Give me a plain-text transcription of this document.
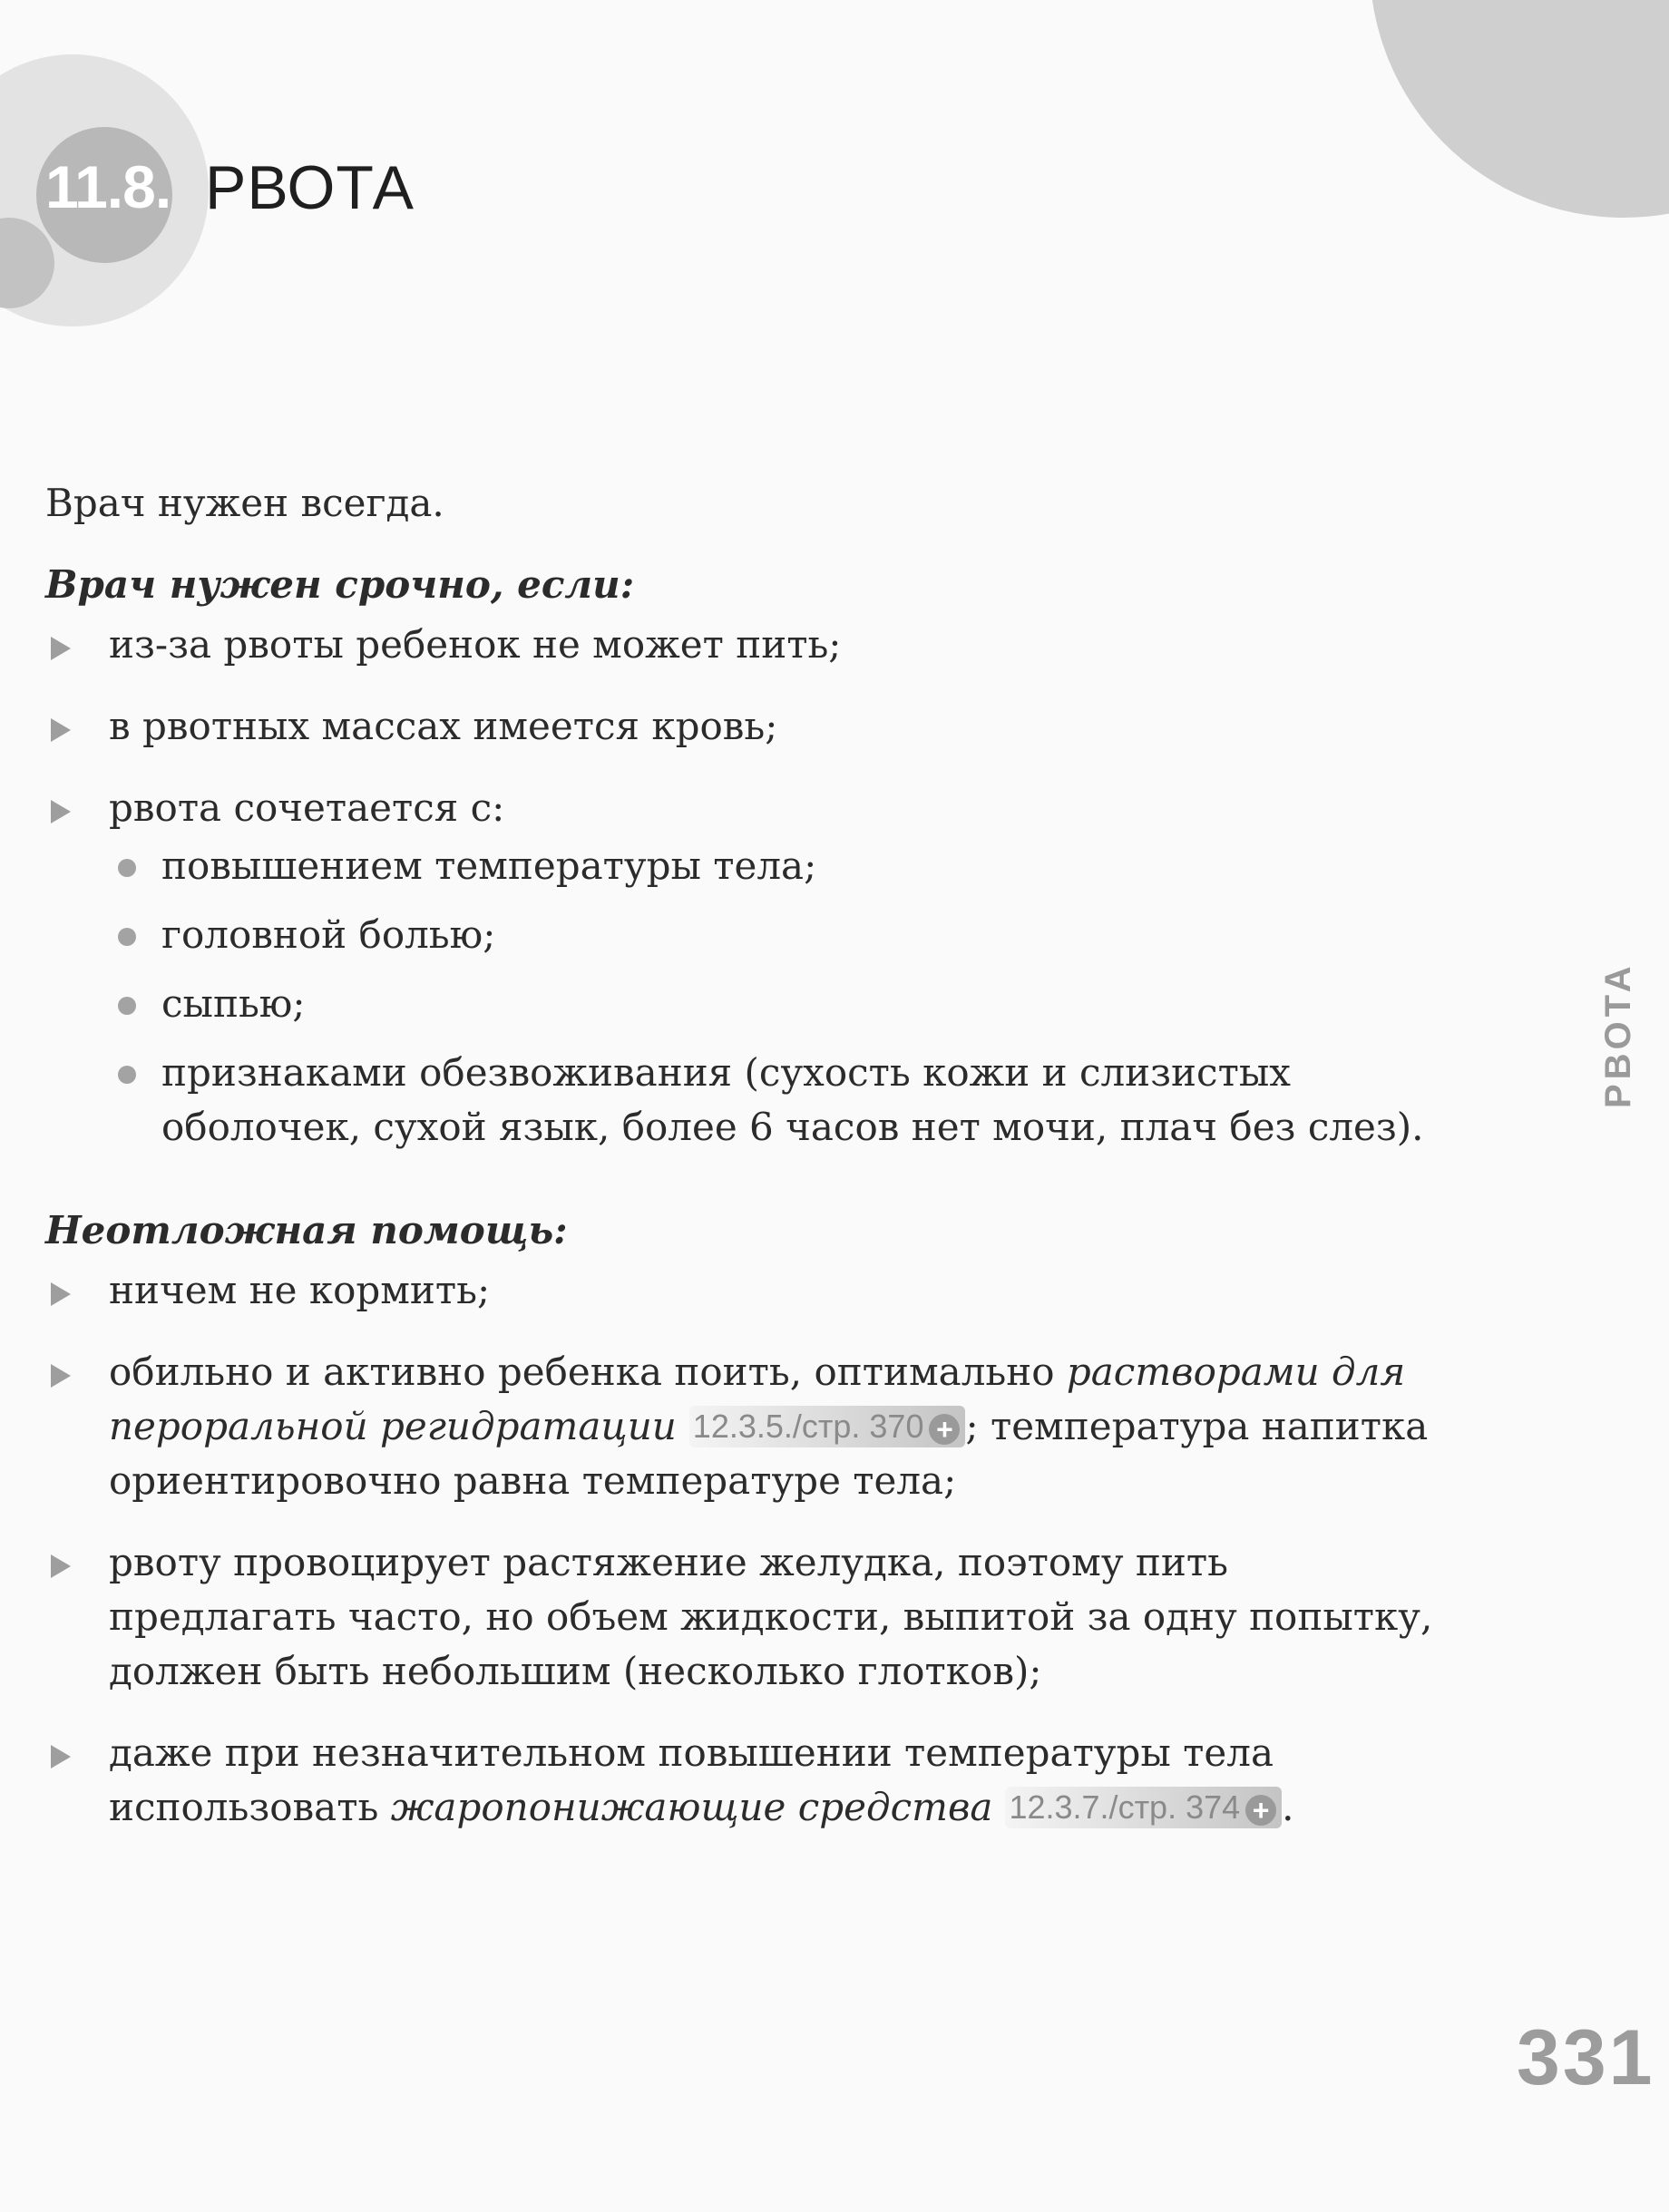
11.8. РВОТА
РВОТА
331

Врач нужен всегда.

Врач нужен срочно, если:

из-за рвоты ребенок не может пить;
в рвотных массах имеется кровь;
рвота сочетается с:
повышением температуры тела;
головной болью;
сыпью;
признаками обезвоживания (сухость кожи и слизистых оболочек, сухой язык, более 6 часов нет мочи, плач без слез).

Неотложная помощь:

ничем не кормить;
обильно и активно ребенка поить, оптимально растворами для пероральной регидратации 12.3.5./стр. 370 + ; температура напитка ориентировочно равна температуре тела;
рвоту провоцирует растяжение желудка, поэтому пить предлагать часто, но объем жидкости, выпитой за одну попытку, должен быть небольшим (несколько глотков);
даже при незначительном повышении температуры тела использовать жаропонижающие средства 12.3.7./стр. 374 + .
